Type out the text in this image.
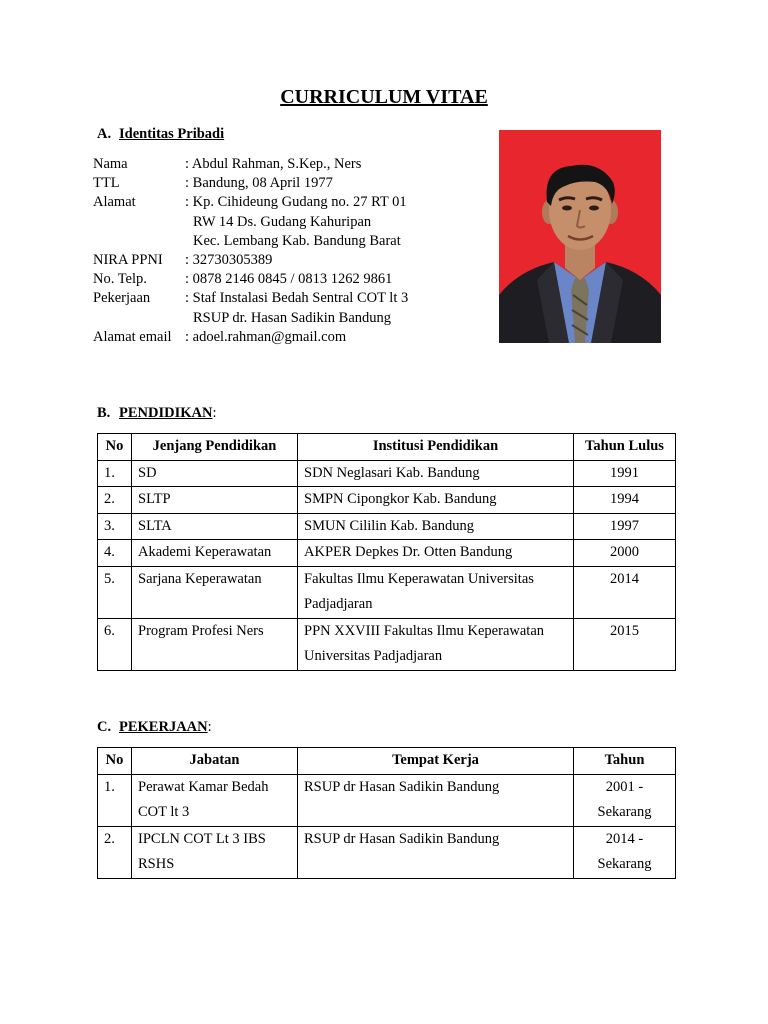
CURRICULUM VITAE
A. Identitas Pribadi
Nama	: Abdul Rahman, S.Kep., Ners
TTL	: Bandung, 08 April 1977
Alamat	: Kp. Cihideung Gudang no. 27 RT 01
RW 14 Ds. Gudang Kahuripan
Kec. Lembang Kab. Bandung Barat
NIRA PPNI	: 32730305389
No. Telp.	: 0878 2146 0845 / 0813 1262 9861
Pekerjaan	: Staf Instalasi Bedah Sentral COT lt 3
RSUP dr. Hasan Sadikin Bandung
Alamat email : adoel.rahman@gmail.com
B. PENDIDIKAN:
No	Jenjang Pendidikan	Institusi Pendidikan	Tahun Lulus
1.	SD	SDN Neglasari Kab. Bandung	1991
2.	SLTP	SMPN Cipongkor Kab. Bandung	1994
3.	SLTA	SMUN Cililin Kab. Bandung	1997
4.	Akademi Keperawatan	AKPER Depkes Dr. Otten Bandung	2000
5.	Sarjana Keperawatan	Fakultas Ilmu Keperawatan Universitas Padjadjaran	2014
6.	Program Profesi Ners	PPN XXVIII Fakultas Ilmu Keperawatan Universitas Padjadjaran	2015
C. PEKERJAAN:
No	Jabatan	Tempat Kerja	Tahun
1.	Perawat Kamar Bedah COT lt 3	RSUP dr Hasan Sadikin Bandung	2001 - Sekarang
2.	IPCLN COT Lt 3 IBS RSHS	RSUP dr Hasan Sadikin Bandung	2014 - Sekarang
